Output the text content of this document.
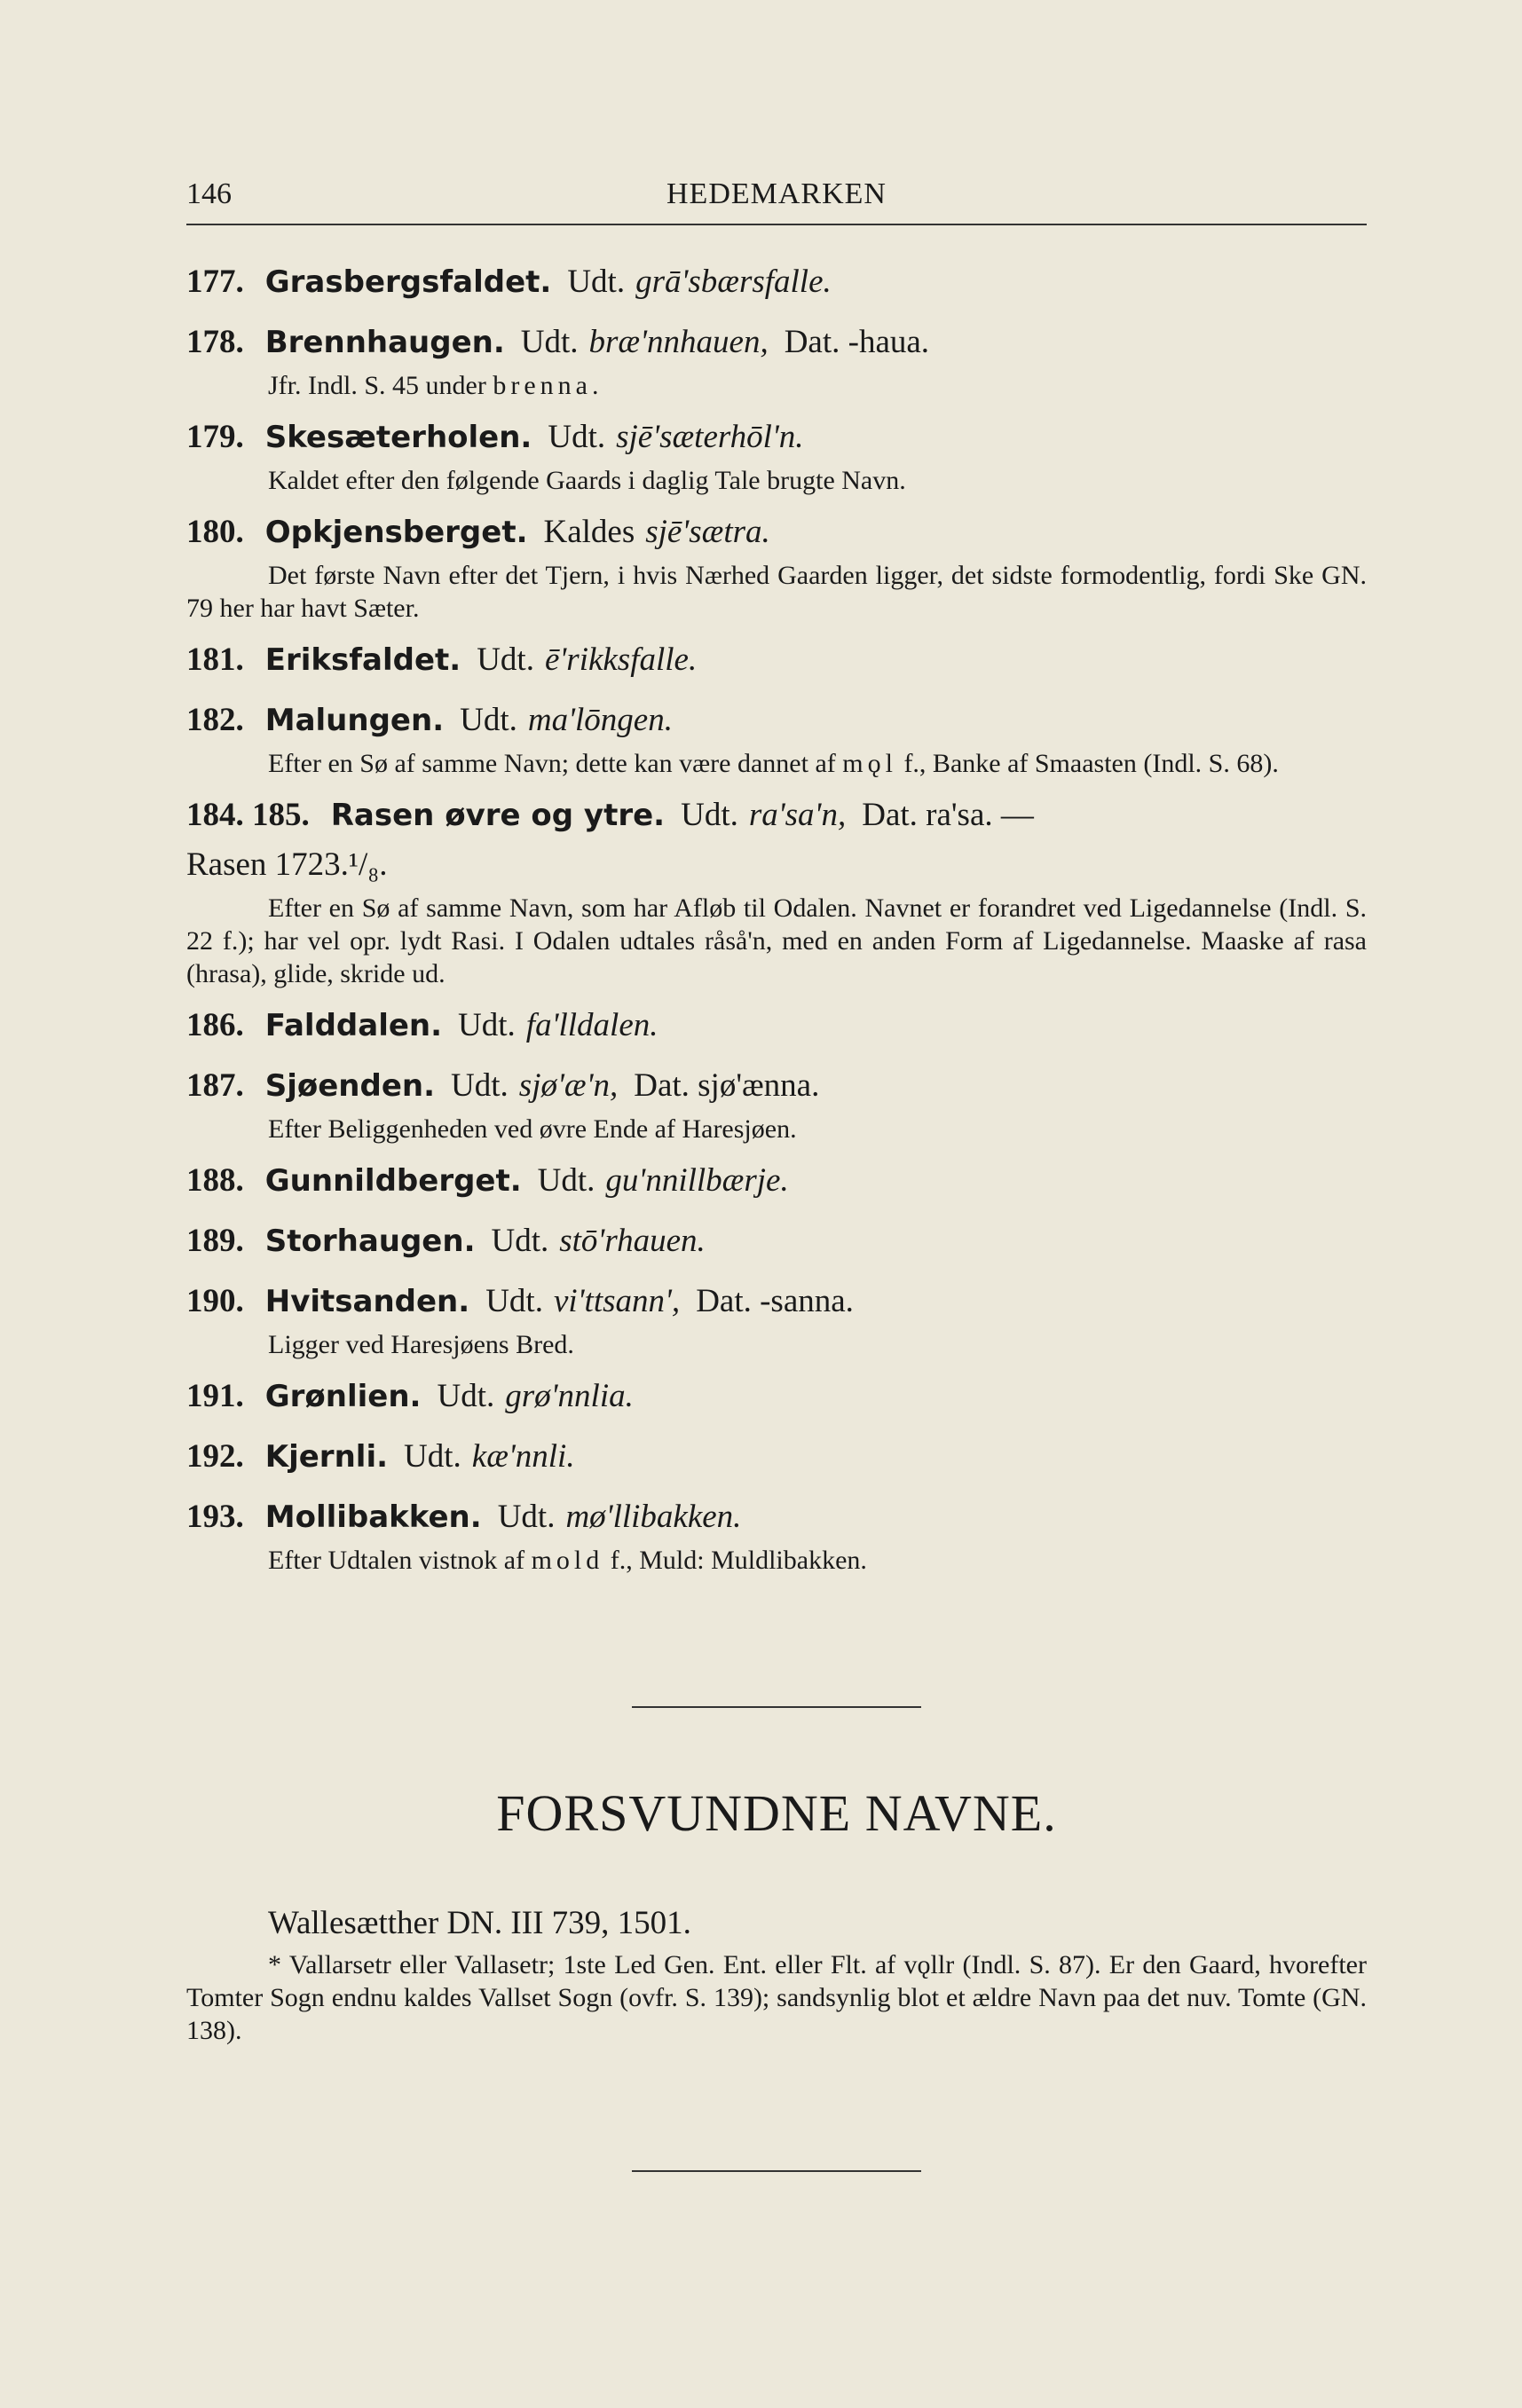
146	HEDEMARKEN

177. Grasbergsfaldet. Udt. grā'sbærsfallе.

178. Brennhaugen. Udt. bræ'nnhauen, Dat. -haua.

Jfr. Indl. S. 45 under brenna.

179. Skesæterholen. Udt. sjē'sæterhōl'n.

Kaldet efter den følgende Gaards i daglig Tale brugte Navn.

180. Opkjensberget. Kaldes sjē'sætra.

Det første Navn efter det Tjern, i hvis Nærhed Gaarden ligger, det sidste formodentlig, fordi Ske GN. 79 her har havt Sæter.

181. Eriksfaldet. Udt. ē'rikksfallе.

182. Malungen. Udt. ma'lōngen.

Efter en Sø af samme Navn; dette kan være dannet af mǫl f., Banke af Smaasten (Indl. S. 68).

184. 185. Rasen øvre og ytre. Udt. ra'sa'n, Dat. ra'sa. —

Rasen 1723.¹/₈.

Efter en Sø af samme Navn, som har Afløb til Odalen. Navnet er forandret ved Ligedannelse (Indl. S. 22 f.); har vel opr. lydt Rasi. I Odalen udtales råså'n, med en anden Form af Ligedannelse. Maaske af rasa (hrasa), glide, skride ud.

186. Falddalen. Udt. fa'lldalen.

187. Sjøenden. Udt. sjø'æ'n, Dat. sjø'ænna.

Efter Beliggenheden ved øvre Ende af Haresjøen.

188. Gunnildberget. Udt. gu'nnillbærje.

189. Storhaugen. Udt. stō'rhauen.

190. Hvitsanden. Udt. vi'ttsann', Dat. -sanna.

Ligger ved Haresjøens Bred.

191. Grønlien. Udt. grø'nnlia.

192. Kjernli. Udt. kæ'nnli.

193. Mollibakken. Udt. mø'llibakken.

Efter Udtalen vistnok af mold f., Muld: Muldlibakken.

FORSVUNDNE NAVNE.

Wallesætther DN. III 739, 1501.

* Vallarsetr eller Vallasetr; 1ste Led Gen. Ent. eller Flt. af vǫllr (Indl. S. 87). Er den Gaard, hvorefter Tomter Sogn endnu kaldes Vallset Sogn (ovfr. S. 139); sandsynlig blot et ældre Navn paa det nuv. Tomte (GN. 138).
